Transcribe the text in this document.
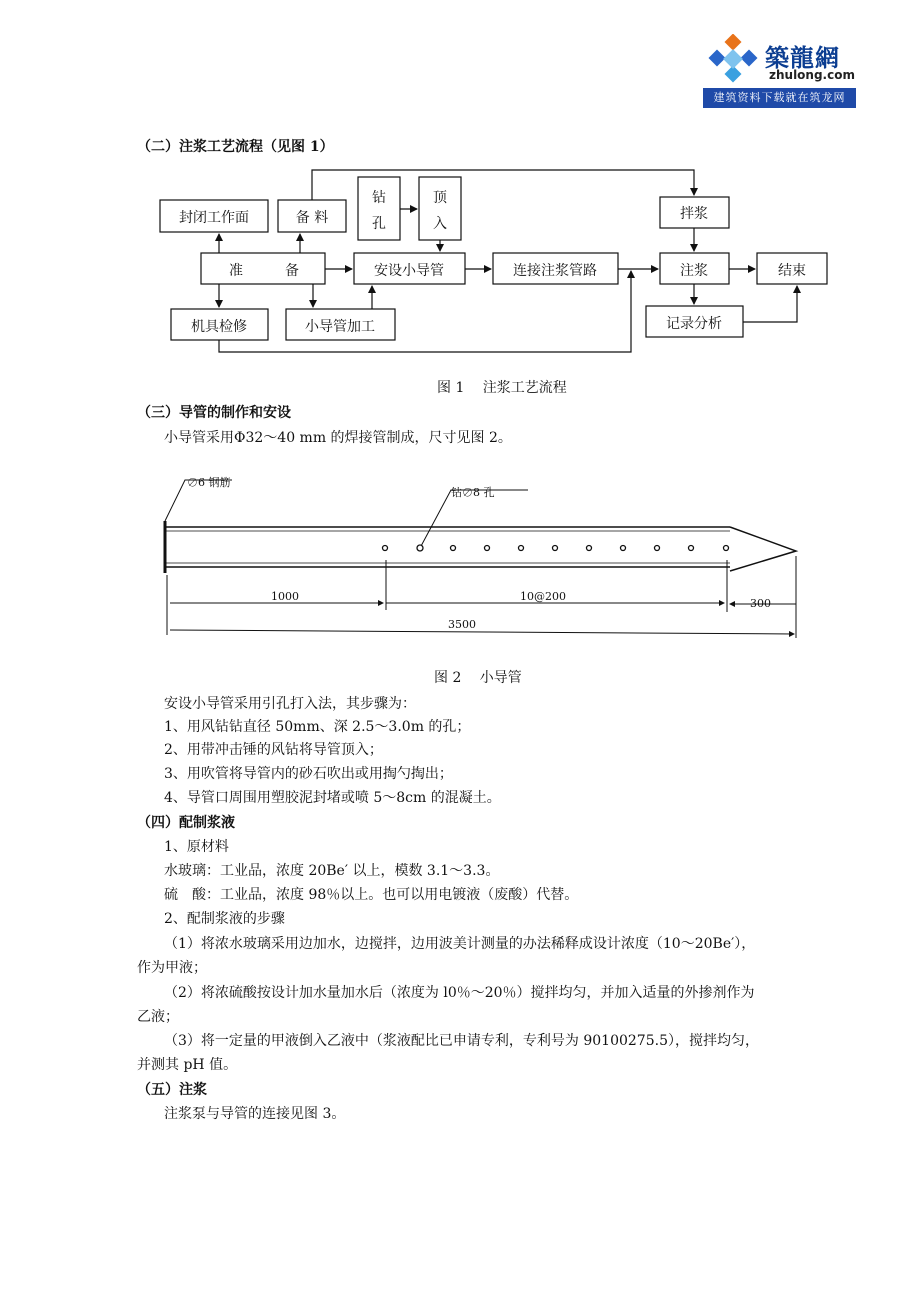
築龍網
zhulong.com
建筑资料下载就在筑龙网
（二）注浆工艺流程（见图 1）
封闭工作面	备 料
钻
孔
顶
入
拌浆
准	备	安设小导管	连接注浆管路	注浆	结束
机具检修	小导管加工	记录分析
图 1　 注浆工艺流程
（三）导管的制作和安设
小导管采用Φ32～40 mm 的焊接管制成，尺寸见图 2。
∅6 钢筋
钻∅8 孔
1000	10@200
300
3500
图 2　 小导管
安设小导管采用引孔打入法，其步骤为：
1、用风钻钻直径 50mm、深 2.5～3.0m 的孔；
2、用带冲击锤的风钻将导管顶入；
3、用吹管将导管内的砂石吹出或用掏勺掏出；
4、导管口周围用塑胶泥封堵或喷 5～8cm 的混凝土。
（四）配制浆液
1、原材料
水玻璃：工业品，浓度 20Be′ 以上，模数 3.1～3.3。
硫　酸：工业品，浓度 98％以上。也可以用电镀液（废酸）代替。
2、配制浆液的步骤
（1）将浓水玻璃采用边加水，边搅拌，边用波美计测量的办法稀释成设计浓度（10～20Be′），
作为甲液；
（2）将浓硫酸按设计加水量加水后（浓度为 l0％～20％）搅拌均匀，并加入适量的外掺剂作为
乙液；
（3）将一定量的甲液倒入乙液中（浆液配比已申请专利，专利号为 90100275.5），搅拌均匀，
并测其 pH 值。
（五）注浆
注浆泵与导管的连接见图 3。
